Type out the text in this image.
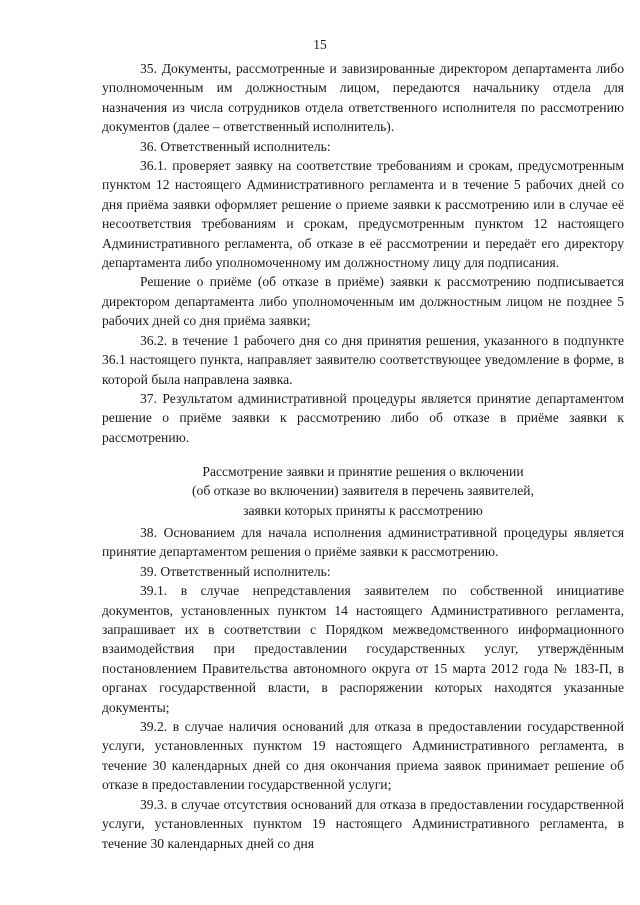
15

35. Документы, рассмотренные и завизированные директором департамента либо уполномоченным им должностным лицом, передаются начальнику отдела для назначения из числа сотрудников отдела ответственного исполнителя по рассмотрению документов (далее – ответственный исполнитель).

36. Ответственный исполнитель:

36.1. проверяет заявку на соответствие требованиям и срокам, предусмотренным пунктом 12 настоящего Административного регламента и в течение 5 рабочих дней со дня приёма заявки оформляет решение о приеме заявки к рассмотрению или в случае её несоответствия требованиям и срокам, предусмотренным пунктом 12 настоящего Административного регламента, об отказе в её рассмотрении и передаёт его директору департамента либо уполномоченному им должностному лицу для подписания.

Решение о приёме (об отказе в приёме) заявки к рассмотрению подписывается директором департамента либо уполномоченным им должностным лицом не позднее 5 рабочих дней со дня приёма заявки;

36.2. в течение 1 рабочего дня со дня принятия решения, указанного в подпункте 36.1 настоящего пункта, направляет заявителю соответствующее уведомление в форме, в которой была направлена заявка.

37. Результатом административной процедуры является принятие департаментом решение о приёме заявки к рассмотрению либо об отказе в приёме заявки к рассмотрению.

Рассмотрение заявки и принятие решения о включении
(об отказе во включении) заявителя в перечень заявителей,
заявки которых приняты к рассмотрению

38. Основанием для начала исполнения административной процедуры является принятие департаментом решения о приёме заявки к рассмотрению.

39. Ответственный исполнитель:

39.1. в случае непредставления заявителем по собственной инициативе документов, установленных пунктом 14 настоящего Административного регламента, запрашивает их в соответствии с Порядком межведомственного информационного взаимодействия при предоставлении государственных услуг, утверждённым постановлением Правительства автономного округа от 15 марта 2012 года № 183-П, в органах государственной власти, в распоряжении которых находятся указанные документы;

39.2. в случае наличия оснований для отказа в предоставлении государственной услуги, установленных пунктом 19 настоящего Административного регламента, в течение 30 календарных дней со дня окончания приема заявок принимает решение об отказе в предоставлении государственной услуги;

39.3. в случае отсутствия оснований для отказа в предоставлении государственной услуги, установленных пунктом 19 настоящего Административного регламента, в течение 30 календарных дней со дня
